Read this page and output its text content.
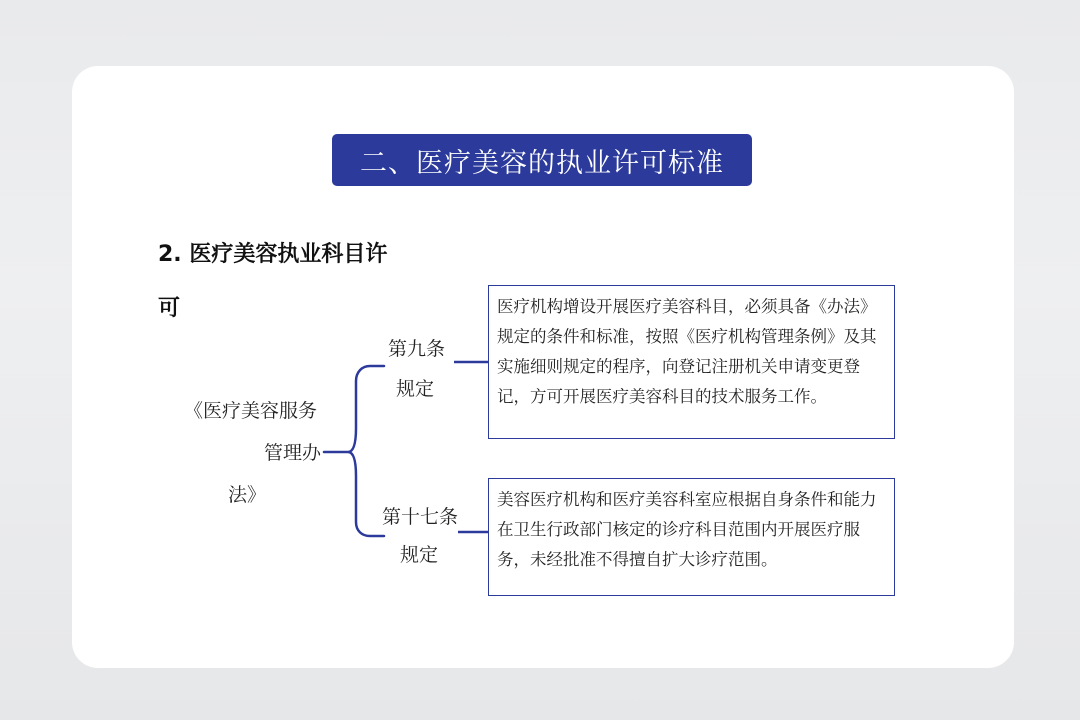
二、医疗美容的执业许可标准
2. 医疗美容执业科目许
可
《医疗美容服务
管理办
法》
第九条
规定
第十七条
规定
医疗机构增设开展医疗美容科目，必须具备《办法》规定的条件和标准，按照《医疗机构管理条例》及其实施细则规定的程序，向登记注册机关申请变更登记，方可开展医疗美容科目的技术服务工作。
美容医疗机构和医疗美容科室应根据自身条件和能力在卫生行政部门核定的诊疗科目范围内开展医疗服务，未经批准不得擅自扩大诊疗范围。
